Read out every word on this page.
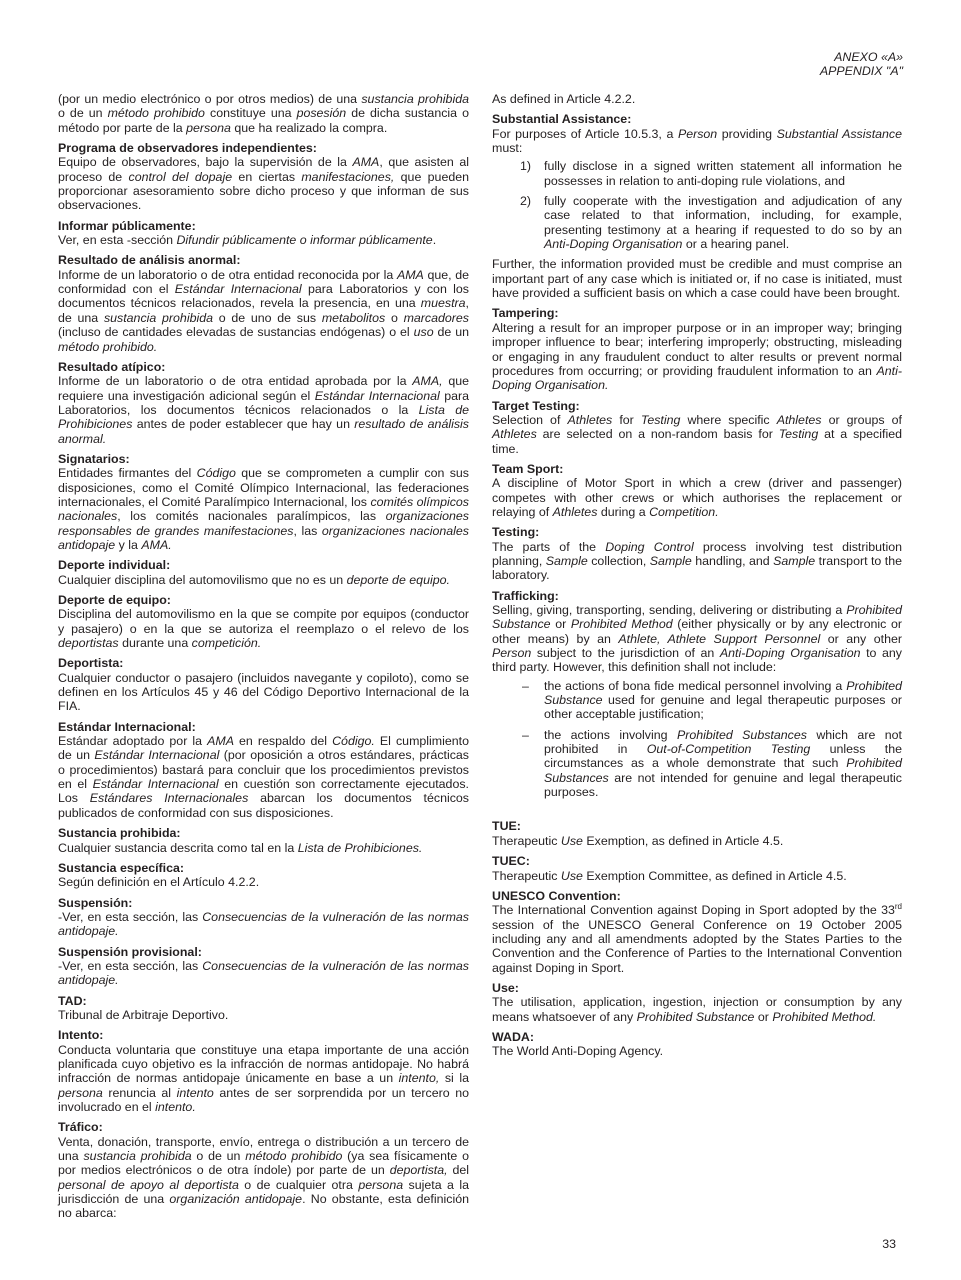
ANEXO «A»
APPENDIX "A"
(por un medio electrónico o por otros medios) de una sustancia prohibida o de un método prohibido constituye una posesión de dicha sustancia o método por parte de la persona que ha realizado la compra.
Programa de observadores independientes:
Equipo de observadores, bajo la supervisión de la AMA, que asisten al proceso de control del dopaje en ciertas manifestaciones, que pueden proporcionar asesoramiento sobre dicho proceso y que informan de sus observaciones.
Informar públicamente:
Ver, en esta -sección Difundir públicamente o informar públicamente.
Resultado de análisis anormal:
Informe de un laboratorio o de otra entidad reconocida por la AMA que, de conformidad con el Estándar Internacional para Laboratorios y con los documentos técnicos relacionados, revela la presencia, en una muestra, de una sustancia prohibida o de uno de sus metabolitos o marcadores (incluso de cantidades elevadas de sustancias endógenas) o el uso de un método prohibido.
Resultado atípico:
Informe de un laboratorio o de otra entidad aprobada por la AMA, que requiere una investigación adicional según el Estándar Internacional para Laboratorios, los documentos técnicos relacionados o la Lista de Prohibiciones antes de poder establecer que hay un resultado de análisis anormal.
Signatarios:
Entidades firmantes del Código que se comprometen a cumplir con sus disposiciones, como el Comité Olímpico Internacional, las federaciones internacionales, el Comité Paralímpico Internacional, los comités olímpicos nacionales, los comités nacionales paralímpicos, las organizaciones responsables de grandes manifestaciones, las organizaciones nacionales antidopaje y la AMA.
Deporte individual:
Cualquier disciplina del automovilismo que no es un deporte de equipo.
Deporte de equipo:
Disciplina del automovilismo en la que se compite por equipos (conductor y pasajero) o en la que se autoriza el reemplazo o el relevo de los deportistas durante una competición.
Deportista:
Cualquier conductor o pasajero (incluidos navegante y copiloto), como se definen en los Artículos 45 y 46 del Código Deportivo Internacional de la FIA.
Estándar Internacional:
Estándar adoptado por la AMA en respaldo del Código. El cumplimiento de un Estándar Internacional (por oposición a otros estándares, prácticas o procedimientos) bastará para concluir que los procedimientos previstos en el Estándar Internacional en cuestión son correctamente ejecutados. Los Estándares Internacionales abarcan los documentos técnicos publicados de conformidad con sus disposiciones.
Sustancia prohibida:
Cualquier sustancia descrita como tal en la Lista de Prohibiciones.
Sustancia específica:
Según definición en el Artículo 4.2.2.
Suspensión:
-Ver, en esta sección, las Consecuencias de la vulneración de las normas antidopaje.
Suspensión provisional:
-Ver, en esta sección, las Consecuencias de la vulneración de las normas antidopaje.
TAD:
Tribunal de Arbitraje Deportivo.
Intento:
Conducta voluntaria que constituye una etapa importante de una acción planificada cuyo objetivo es la infracción de normas antidopaje. No habrá infracción de normas antidopaje únicamente en base a un intento, si la persona renuncia al intento antes de ser sorprendida por un tercero no involucrado en el intento.
Tráfico:
Venta, donación, transporte, envío, entrega o distribución a un tercero de una sustancia prohibida o de un método prohibido (ya sea físicamente o por medios electrónicos o de otra índole) por parte de un deportista, del personal de apoyo al deportista o de cualquier otra persona sujeta a la jurisdicción de una organización antidopaje. No obstante, esta definición no abarca:
As defined in Article 4.2.2.
Substantial Assistance:
For purposes of Article 10.5.3, a Person providing Substantial Assistance must:
1) fully disclose in a signed written statement all information he possesses in relation to anti-doping rule violations, and
2) fully cooperate with the investigation and adjudication of any case related to that information, including, for example, presenting testimony at a hearing if requested to do so by an Anti-Doping Organisation or a hearing panel.
Further, the information provided must be credible and must comprise an important part of any case which is initiated or, if no case is initiated, must have provided a sufficient basis on which a case could have been brought.
Tampering:
Altering a result for an improper purpose or in an improper way; bringing improper influence to bear; interfering improperly; obstructing, misleading or engaging in any fraudulent conduct to alter results or prevent normal procedures from occurring; or providing fraudulent information to an Anti-Doping Organisation.
Target Testing:
Selection of Athletes for Testing where specific Athletes or groups of Athletes are selected on a non-random basis for Testing at a specified time.
Team Sport:
A discipline of Motor Sport in which a crew (driver and passenger) competes with other crews or which authorises the replacement or relaying of Athletes during a Competition.
Testing:
The parts of the Doping Control process involving test distribution planning, Sample collection, Sample handling, and Sample transport to the laboratory.
Trafficking:
Selling, giving, transporting, sending, delivering or distributing a Prohibited Substance or Prohibited Method (either physically or by any electronic or other means) by an Athlete, Athlete Support Personnel or any other Person subject to the jurisdiction of an Anti-Doping Organisation to any third party. However, this definition shall not include:
– the actions of bona fide medical personnel involving a Prohibited Substance used for genuine and legal therapeutic purposes or other acceptable justification;
– the actions involving Prohibited Substances which are not prohibited in Out-of-Competition Testing unless the circumstances as a whole demonstrate that such Prohibited Substances are not intended for genuine and legal therapeutic purposes.
TUE:
Therapeutic Use Exemption, as defined in Article 4.5.
TUEC:
Therapeutic Use Exemption Committee, as defined in Article 4.5.
UNESCO Convention:
The International Convention against Doping in Sport adopted by the 33rd session of the UNESCO General Conference on 19 October 2005 including any and all amendments adopted by the States Parties to the Convention and the Conference of Parties to the International Convention against Doping in Sport.
Use:
The utilisation, application, ingestion, injection or consumption by any means whatsoever of any Prohibited Substance or Prohibited Method.
WADA:
The World Anti-Doping Agency.
33
